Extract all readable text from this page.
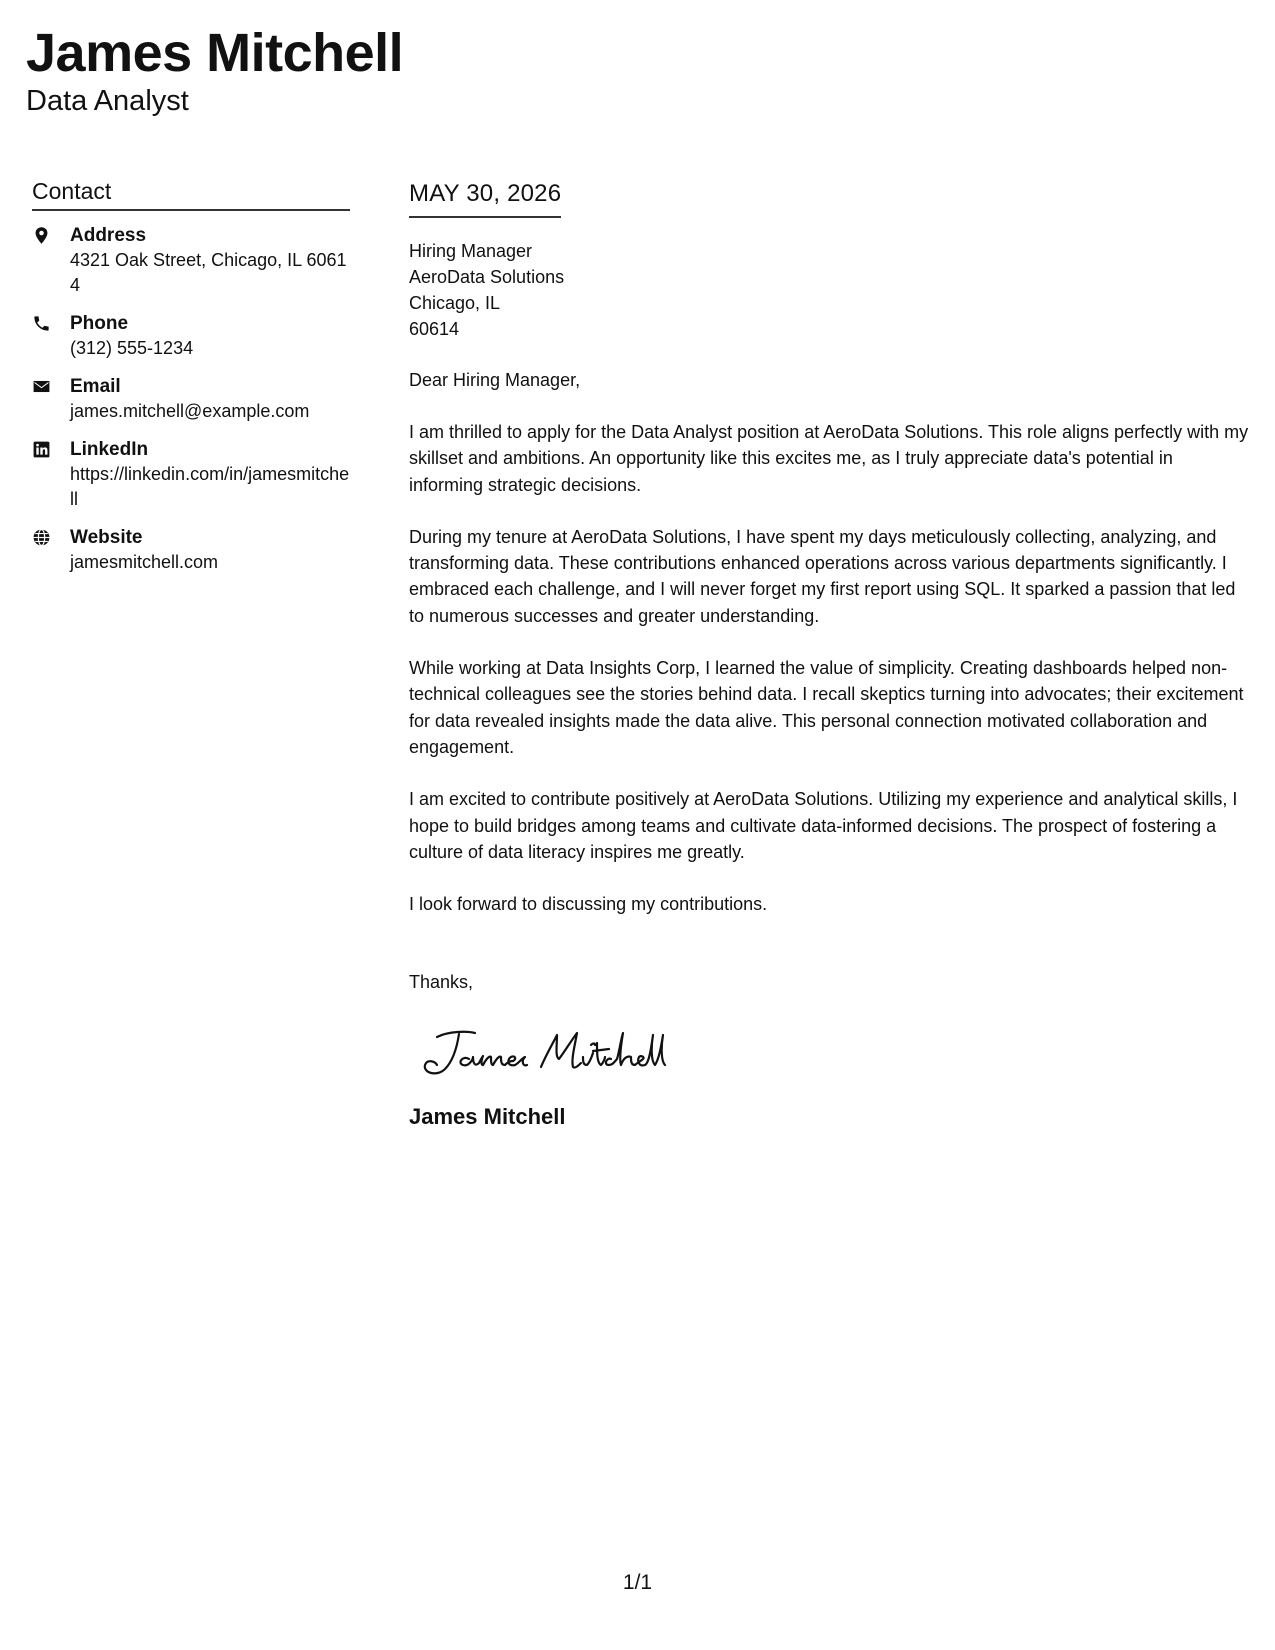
James Mitchell
Data Analyst
Contact
Address
4321 Oak Street, Chicago, IL 60614
Phone
(312) 555-1234
Email
james.mitchell@example.com
LinkedIn
https://linkedin.com/in/jamesmitchell
Website
jamesmitchell.com
MAY 30, 2026
Hiring Manager
AeroData Solutions
Chicago, IL
60614
Dear Hiring Manager,
I am thrilled to apply for the Data Analyst position at AeroData Solutions. This role aligns perfectly with my skillset and ambitions. An opportunity like this excites me, as I truly appreciate data's potential in informing strategic decisions.
During my tenure at AeroData Solutions, I have spent my days meticulously collecting, analyzing, and transforming data. These contributions enhanced operations across various departments significantly. I embraced each challenge, and I will never forget my first report using SQL. It sparked a passion that led to numerous successes and greater understanding.
While working at Data Insights Corp, I learned the value of simplicity. Creating dashboards helped non-technical colleagues see the stories behind data. I recall skeptics turning into advocates; their excitement for data revealed insights made the data alive. This personal connection motivated collaboration and engagement.
I am excited to contribute positively at AeroData Solutions. Utilizing my experience and analytical skills, I hope to build bridges among teams and cultivate data-informed decisions. The prospect of fostering a culture of data literacy inspires me greatly.
I look forward to discussing my contributions.
Thanks,
James Mitchell
1/1
